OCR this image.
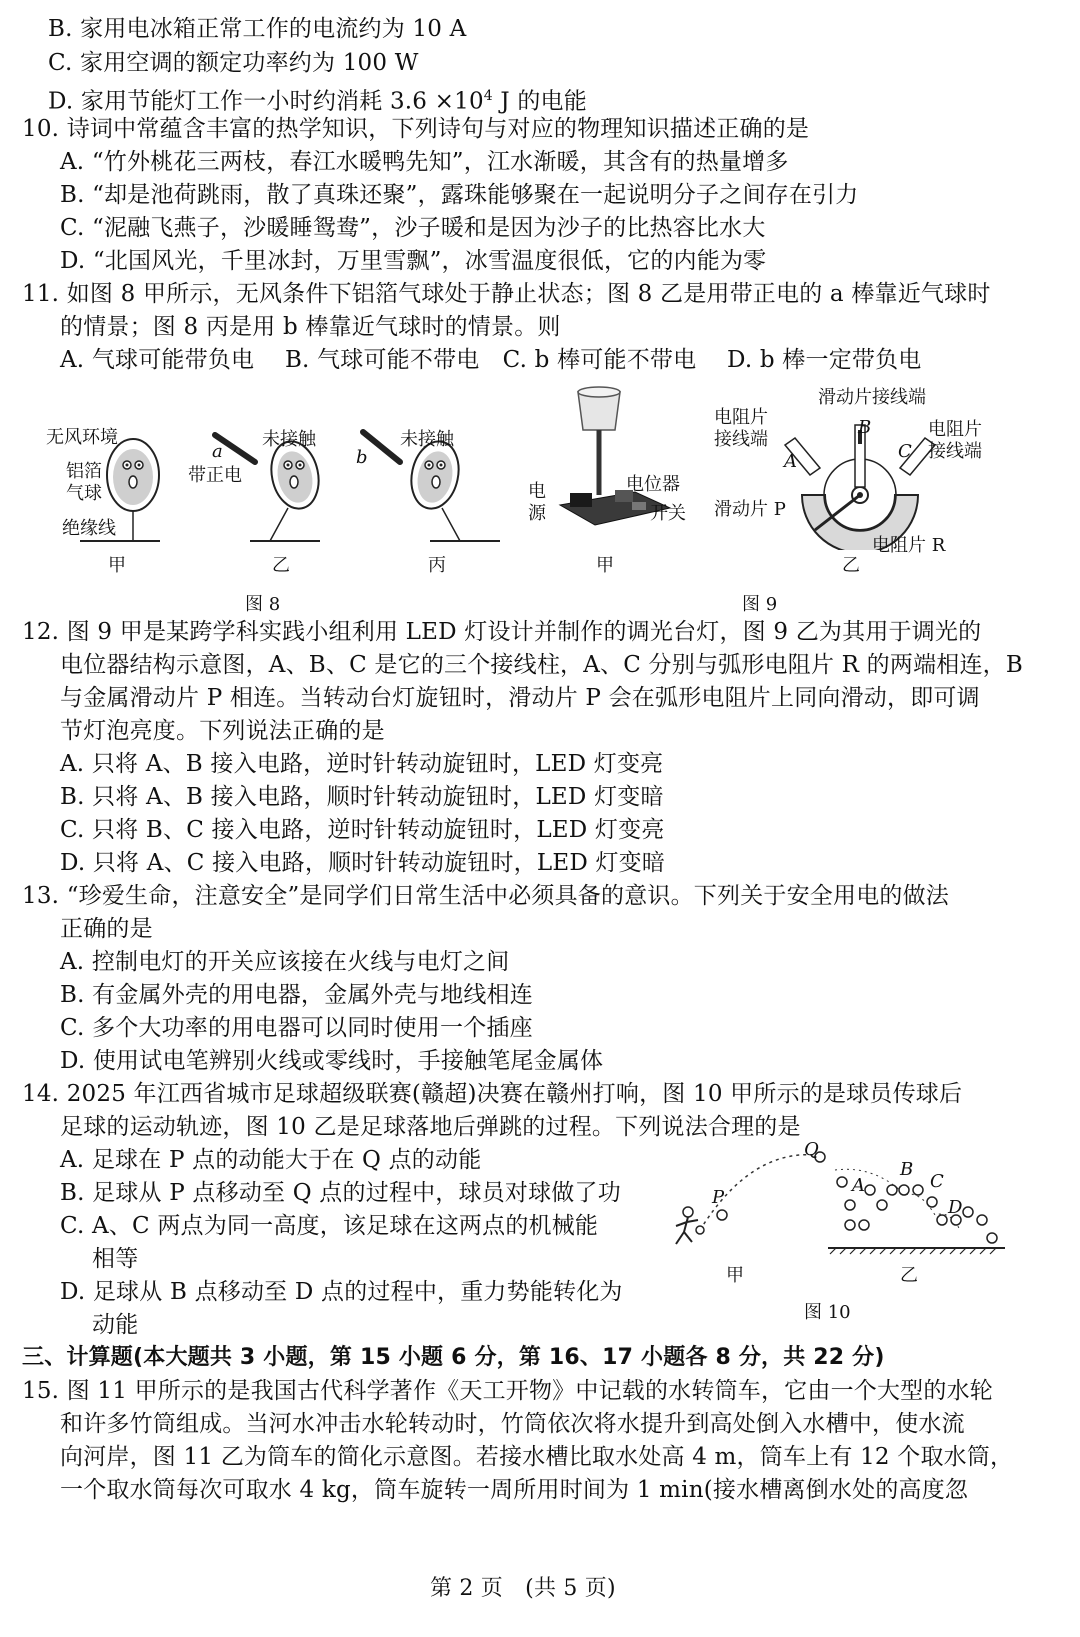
B. 家用电冰箱正常工作的电流约为 10 A
C. 家用空调的额定功率约为 100 W
D. 家用节能灯工作一小时约消耗 $3.6 \times 10^4$ J 的电能
10. 诗词中常蕴含丰富的热学知识，下列诗句与对应的物理知识描述正确的是
A. “竹外桃花三两枝，春江水暖鸭先知”，江水渐暖，其含有的热量增多
B. “却是池荷跳雨，散了真珠还聚”，露珠能够聚在一起说明分子之间存在引力
C. “泥融飞燕子，沙暖睡鸳鸯”，沙子暖和是因为沙子的比热容比水大
D. “北国风光，千里冰封，万里雪飘”，冰雪温度很低，它的内能为零
11. 如图 8 甲所示，无风条件下铝箔气球处于静止状态；图 8 乙是用带正电的 a 棒靠近气球时
的情景；图 8 丙是用 b 棒靠近气球时的情景。则
A. 气球可能带负电　 B. 气球可能不带电　C. b 棒可能不带电　 D. b 棒一定带负电
无风环境
铝箔
气球
绝缘线
a
带正电
未接触
b
未接触
甲	乙	丙
图 8
电
源
电位器
开关
甲
滑动片接线端
电阻片
接线端	电阻片
接线端
滑动片 P
电阻片 R
A
B
C
乙
图 9
12. 图 9 甲是某跨学科实践小组利用 LED 灯设计并制作的调光台灯，图 9 乙为其用于调光的
电位器结构示意图，A、B、C 是它的三个接线柱，A、C 分别与弧形电阻片 R 的两端相连，B
与金属滑动片 P 相连。当转动台灯旋钮时，滑动片 P 会在弧形电阻片上同向滑动，即可调
节灯泡亮度。下列说法正确的是
A. 只将 A、B 接入电路，逆时针转动旋钮时，LED 灯变亮
B. 只将 A、B 接入电路，顺时针转动旋钮时，LED 灯变暗
C. 只将 B、C 接入电路，逆时针转动旋钮时，LED 灯变亮
D. 只将 A、C 接入电路，顺时针转动旋钮时，LED 灯变暗
13. “珍爱生命，注意安全”是同学们日常生活中必须具备的意识。下列关于安全用电的做法
正确的是
A. 控制电灯的开关应该接在火线与电灯之间
B. 有金属外壳的用电器，金属外壳与地线相连
C. 多个大功率的用电器可以同时使用一个插座
D. 使用试电笔辨别火线或零线时，手接触笔尾金属体
14. 2025 年江西省城市足球超级联赛(赣超)决赛在赣州打响，图 10 甲所示的是球员传球后
足球的运动轨迹，图 10 乙是足球落地后弹跳的过程。下列说法合理的是
A. 足球在 P 点的动能大于在 Q 点的动能
B. 足球从 P 点移动至 Q 点的过程中，球员对球做了功
C. A、C 两点为同一高度，该足球在这两点的机械能
相等
D. 足球从 B 点移动至 D 点的过程中，重力势能转化为
动能
P
Q
A
B
C
D
甲	乙
图 10
三、计算题(本大题共 3 小题，第 15 小题 6 分，第 16、17 小题各 8 分，共 22 分)
15. 图 11 甲所示的是我国古代科学著作《天工开物》中记载的水转筒车，它由一个大型的水轮
和许多竹筒组成。当河水冲击水轮转动时，竹筒依次将水提升到高处倒入水槽中，使水流
向河岸，图 11 乙为筒车的简化示意图。若接水槽比取水处高 4 m，筒车上有 12 个取水筒，
一个取水筒每次可取水 4 kg，筒车旋转一周所用时间为 1 min(接水槽离倒水处的高度忽
第 2 页　(共 5 页)
